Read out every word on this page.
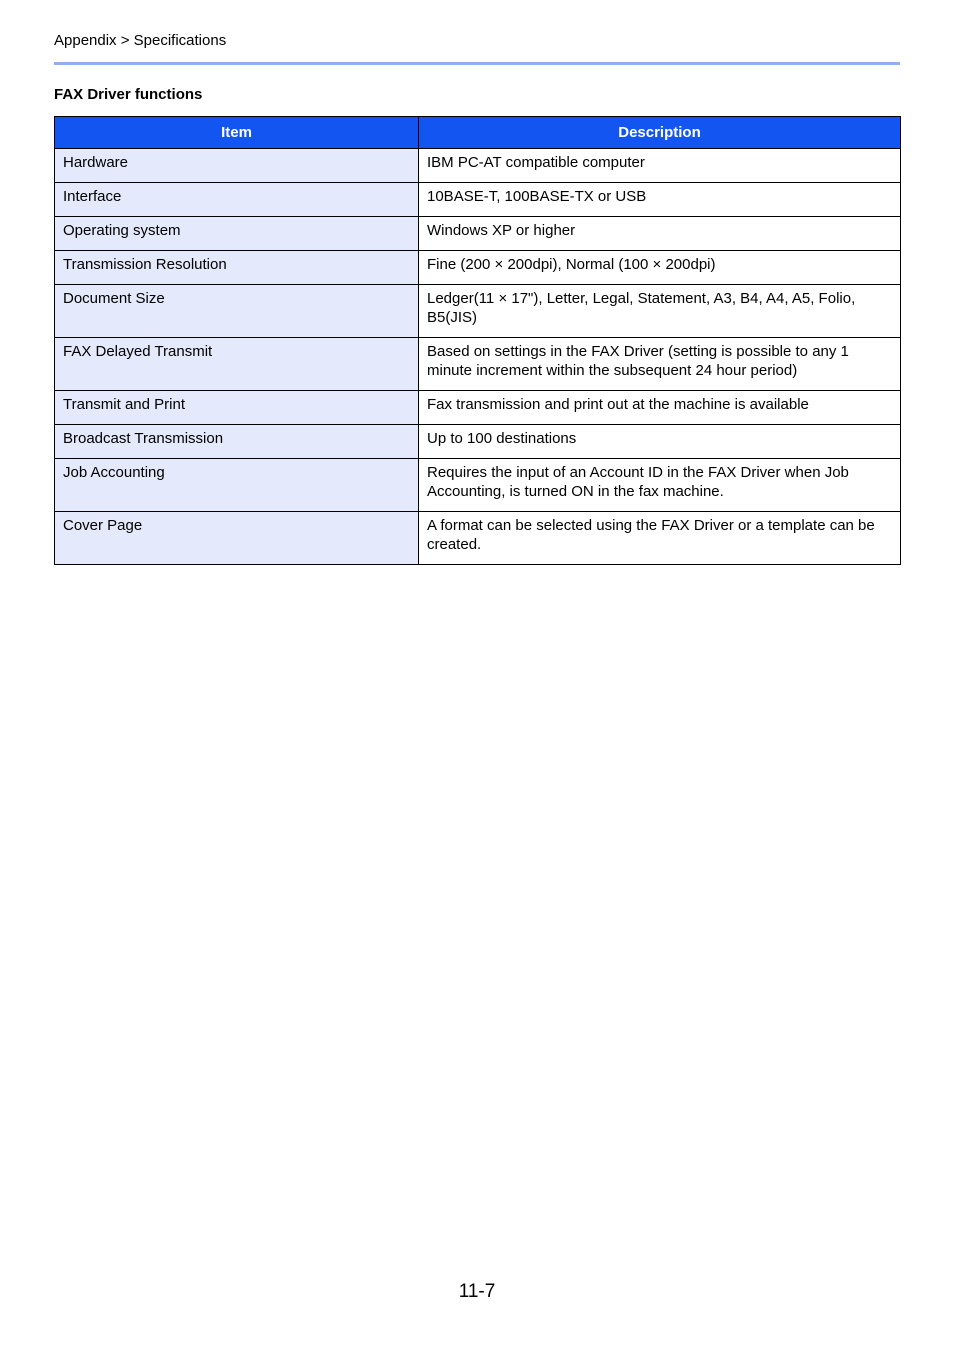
Appendix > Specifications
FAX Driver functions
Item	Description
Hardware	IBM PC-AT compatible computer
Interface	10BASE-T, 100BASE-TX or USB
Operating system	Windows XP or higher
Transmission Resolution	Fine (200 × 200dpi), Normal (100 × 200dpi)
Document Size	Ledger(11 × 17"), Letter, Legal, Statement, A3, B4, A4, A5, Folio, B5(JIS)
FAX Delayed Transmit	Based on settings in the FAX Driver (setting is possible to any 1 minute increment within the subsequent 24 hour period)
Transmit and Print	Fax transmission and print out at the machine is available
Broadcast Transmission	Up to 100 destinations
Job Accounting	Requires the input of an Account ID in the FAX Driver when Job Accounting, is turned ON in the fax machine.
Cover Page	A format can be selected using the FAX Driver or a template can be created.
11-7
